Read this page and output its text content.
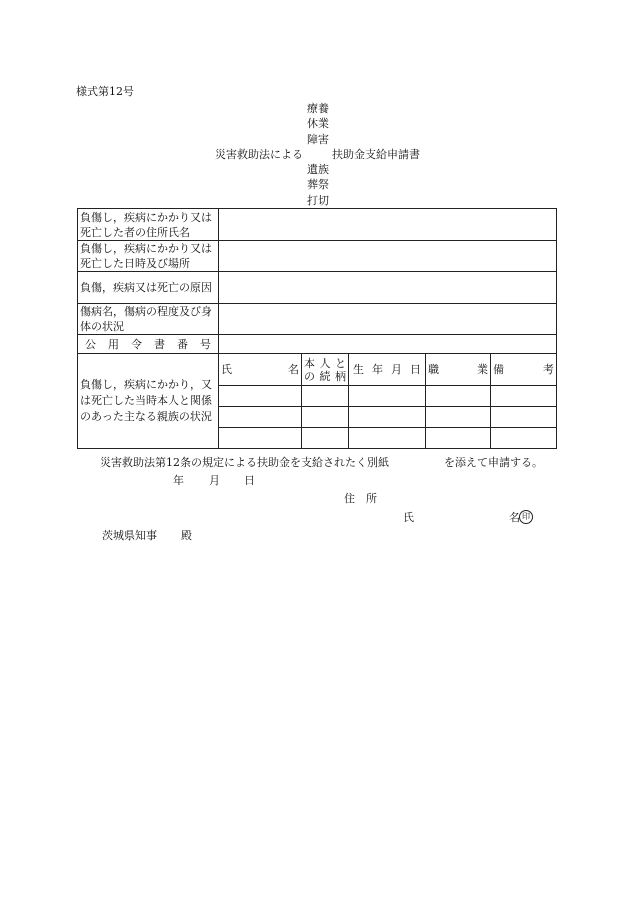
様式第12号
療養
休業
障害
遺族
葬祭
打切
災害救助法による	扶助金支給申請書
負傷し，疾病にかかり又は死亡した者の住所氏名					
負傷し，疾病にかかり又は死亡した日時及び場所					
負傷，疾病又は死亡の原因					
傷病名，傷病の程度及び身体の状況					
公用令書番号					
負傷し，疾病にかかり，又は死亡した当時本人と関係のあった主なる親族の状況	氏 名	本人との続柄	生年月日	職 業	備 考

災害救助法第12条の規定による扶助金を支給されたく別紙	を添えて申請する。
年 月 日
住　所
氏	名 印
茨城県知事 殿
